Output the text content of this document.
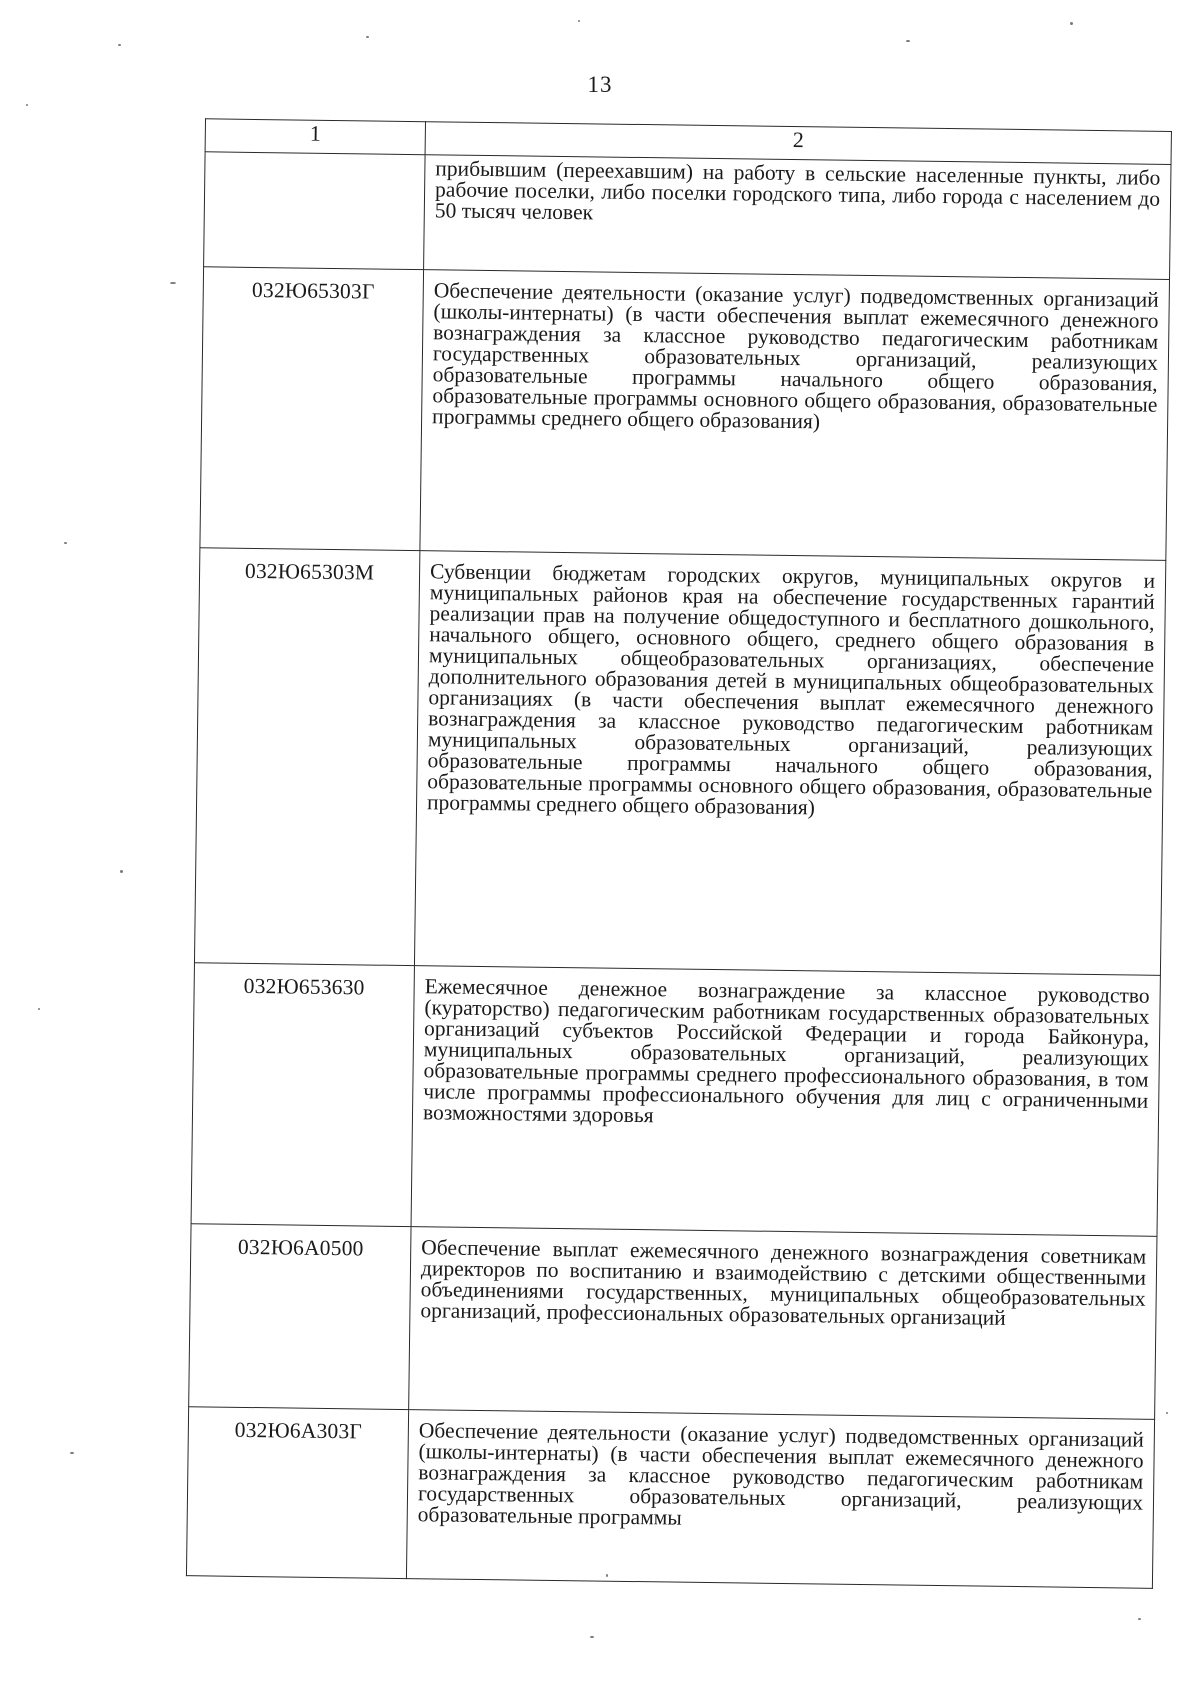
13
1	2
	прибывшим (переехавшим) на работу в сельские населенные пункты, либо рабочие поселки, либо поселки городского типа, либо города с населением до 50 тысяч человек
032Ю65303Г	Обеспечение деятельности (оказание услуг) подведомственных организаций (школы-интернаты) (в части обеспечения выплат ежемесячного денежного вознаграждения за классное руководство педагогическим работникам государственных образовательных организаций, реализующих образовательные программы начального общего образования, образовательные программы основного общего образования, образовательные программы среднего общего образования)
032Ю65303М	Субвенции бюджетам городских округов, муниципальных округов и муниципальных районов края на обеспечение государственных гарантий реализации прав на получение общедоступного и бесплатного дошкольного, начального общего, основного общего, среднего общего образования в муниципальных общеобразовательных организациях, обеспечение дополнительного образования детей в муниципальных общеобразовательных организациях (в части обеспечения выплат ежемесячного денежного вознаграждения за классное руководство педагогическим работникам муниципальных образовательных организаций, реализующих образовательные программы начального общего образования, образовательные программы основного общего образования, образовательные программы среднего общего образования)
032Ю653630	Ежемесячное денежное вознаграждение за классное руководство (кураторство) педагогическим работникам государственных образовательных организаций субъектов Российской Федерации и города Байконура, муниципальных образовательных организаций, реализующих образовательные программы среднего профессионального образования, в том числе программы профессионального обучения для лиц с ограниченными возможностями здоровья
032Ю6А0500	Обеспечение выплат ежемесячного денежного вознаграждения советникам директоров по воспитанию и взаимодействию с детскими общественными объединениями государственных, муниципальных общеобразовательных организаций, профессиональных образовательных организаций
032Ю6А303Г	Обеспечение деятельности (оказание услуг) подведомственных организаций (школы-интернаты) (в части обеспечения выплат ежемесячного денежного вознаграждения за классное руководство педагогическим работникам государственных образовательных организаций, реализующих образовательные программы
